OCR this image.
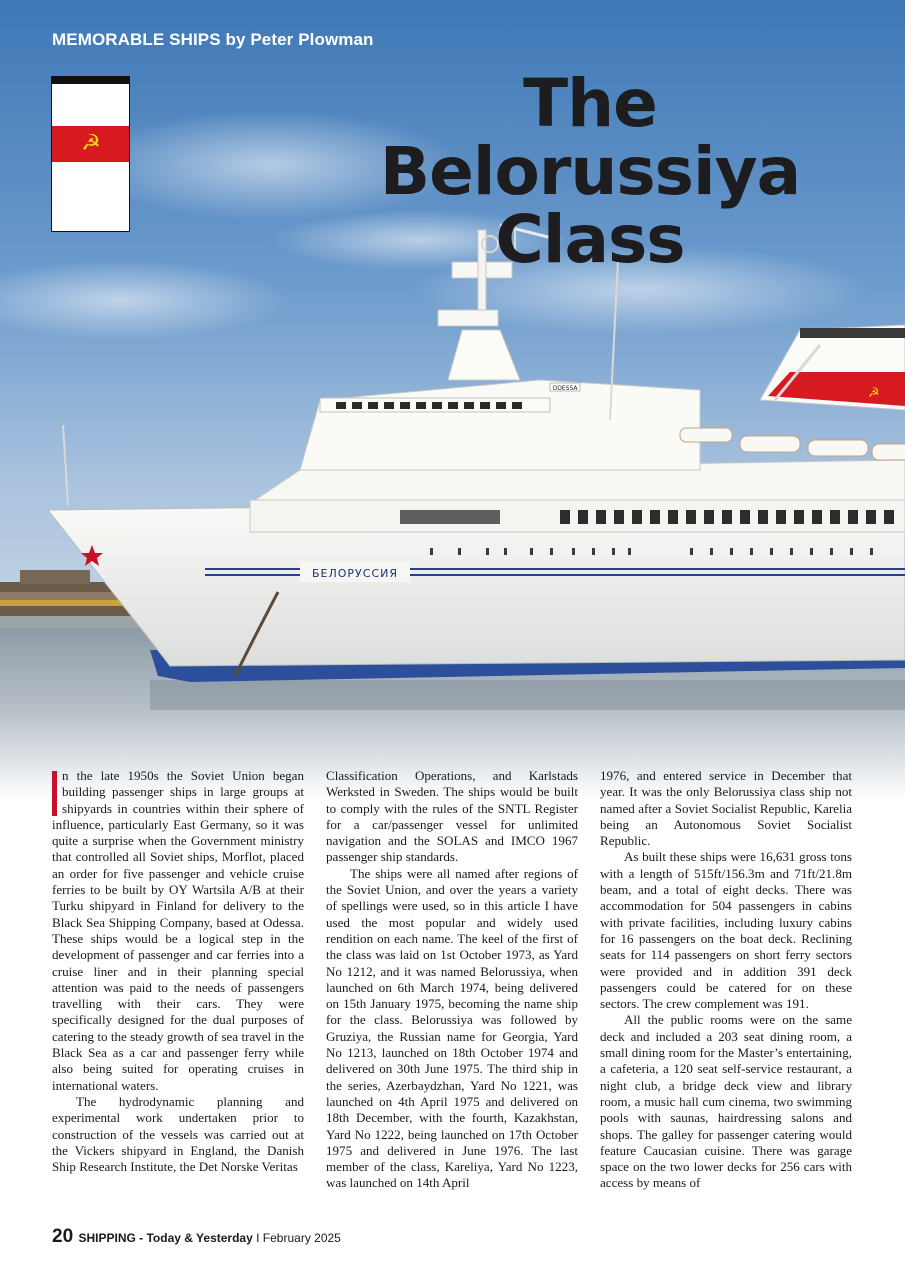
БЕЛОРУССИЯ
ODESSA	☭
MEMORABLE SHIPS by Peter Plowman
☭
The Belorussiya
Class

n the late 1950s the Soviet Union began building passenger ships in large groups at shipyards in countries within their sphere of influence, particularly East Germany, so it was quite a surprise when the Government ministry that controlled all Soviet ships, Morflot, placed an order for five passenger and vehicle cruise ferries to be built by OY Wartsila A/B at their Turku shipyard in Finland for delivery to the Black Sea Shipping Company, based at Odessa. These ships would be a logical step in the development of passenger and car ferries into a cruise liner and in their planning special attention was paid to the needs of passengers travelling with their cars. They were specifically designed for the dual purposes of catering to the steady growth of sea travel in the Black Sea as a car and passenger ferry while also being suited for operating cruises in international waters.

The hydrodynamic planning and experimental work undertaken prior to construction of the vessels was carried out at the Vickers shipyard in England, the Danish Ship Research Institute, the Det Norske Veritas

Classification Operations, and Karlstads Werksted in Sweden. The ships would be built to comply with the rules of the SNTL Register for a car/passenger vessel for unlimited navigation and the SOLAS and IMCO 1967 passenger ship standards.

The ships were all named after regions of the Soviet Union, and over the years a variety of spellings were used, so in this article I have used the most popular and widely used rendition on each name. The keel of the first of the class was laid on 1st October 1973, as Yard No 1212, and it was named Belorussiya, when launched on 6th March 1974, being delivered on 15th January 1975, becoming the name ship for the class. Belorussiya was followed by Gruziya, the Russian name for Georgia, Yard No 1213, launched on 18th October 1974 and delivered on 30th June 1975. The third ship in the series, Azerbaydzhan, Yard No 1221, was launched on 4th April 1975 and delivered on 18th December, with the fourth, Kazakhstan, Yard No 1222, being launched on 17th October 1975 and delivered in June 1976. The last member of the class, Kareliya, Yard No 1223, was launched on 14th April

1976, and entered service in December that year. It was the only Belorussiya class ship not named after a Soviet Socialist Republic, Karelia being an Autonomous Soviet Socialist Republic.

As built these ships were 16,631 gross tons with a length of 515ft/156.3m and 71ft/21.8m beam, and a total of eight decks. There was accommodation for 504 passengers in cabins with private facilities, including luxury cabins for 16 passengers on the boat deck. Reclining seats for 114 passengers on short ferry sectors were provided and in addition 391 deck passengers could be catered for on these sectors. The crew complement was 191.

All the public rooms were on the same deck and included a 203 seat dining room, a small dining room for the Master’s entertaining, a cafeteria, a 120 seat self-service restaurant, a night club, a bridge deck view and library room, a music hall cum cinema, two swimming pools with saunas, hairdressing salons and shops. The galley for passenger catering would feature Caucasian cuisine. There was garage space on the two lower decks for 256 cars with access by means of

20 SHIPPING - Today & Yesterday I February 2025
